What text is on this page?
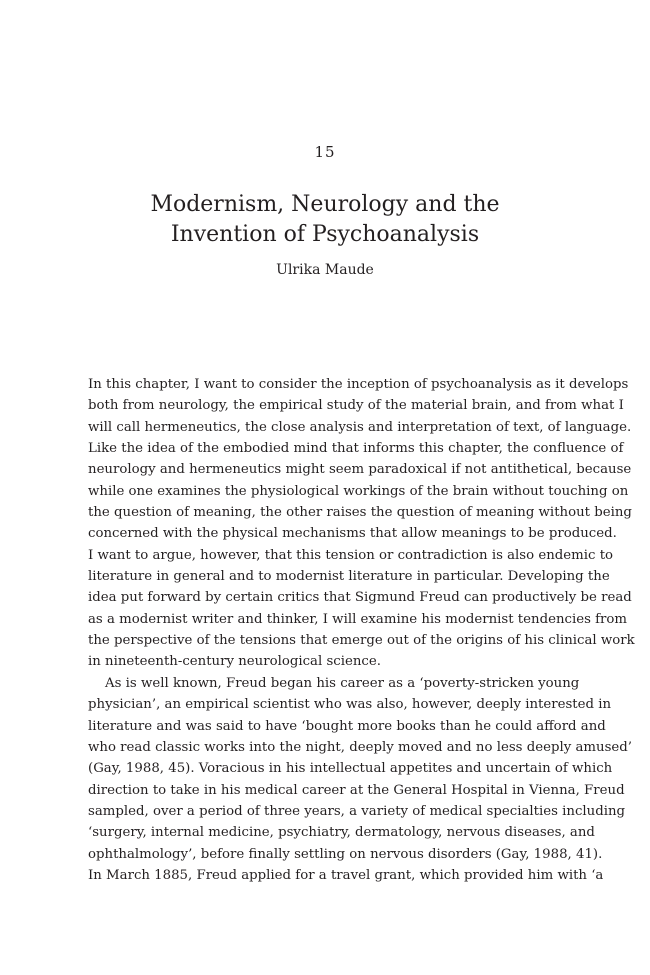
15
Modernism, Neurology and the
Invention of Psychoanalysis
Ulrika Maude
In this chapter, I want to consider the inception of psychoanalysis as it develops
both from neurology, the empirical study of the material brain, and from what I
will call hermeneutics, the close analysis and interpretation of text, of language.
Like the idea of the embodied mind that informs this chapter, the confluence of
neurology and hermeneutics might seem paradoxical if not antithetical, because
while one examines the physiological workings of the brain without touching on
the question of meaning, the other raises the question of meaning without being
concerned with the physical mechanisms that allow meanings to be produced.
I want to argue, however, that this tension or contradiction is also endemic to
literature in general and to modernist literature in particular. Developing the
idea put forward by certain critics that Sigmund Freud can productively be read
as a modernist writer and thinker, I will examine his modernist tendencies from
the perspective of the tensions that emerge out of the origins of his clinical work
in nineteenth-century neurological science.
As is well known, Freud began his career as a ‘poverty-stricken young
physician’, an empirical scientist who was also, however, deeply interested in
literature and was said to have ‘bought more books than he could afford and
who read classic works into the night, deeply moved and no less deeply amused’
(Gay, 1988, 45). Voracious in his intellectual appetites and uncertain of which
direction to take in his medical career at the General Hospital in Vienna, Freud
sampled, over a period of three years, a variety of medical specialties including
‘surgery, internal medicine, psychiatry, dermatology, nervous diseases, and
ophthalmology’, before finally settling on nervous disorders (Gay, 1988, 41).
In March 1885, Freud applied for a travel grant, which provided him with ‘a
